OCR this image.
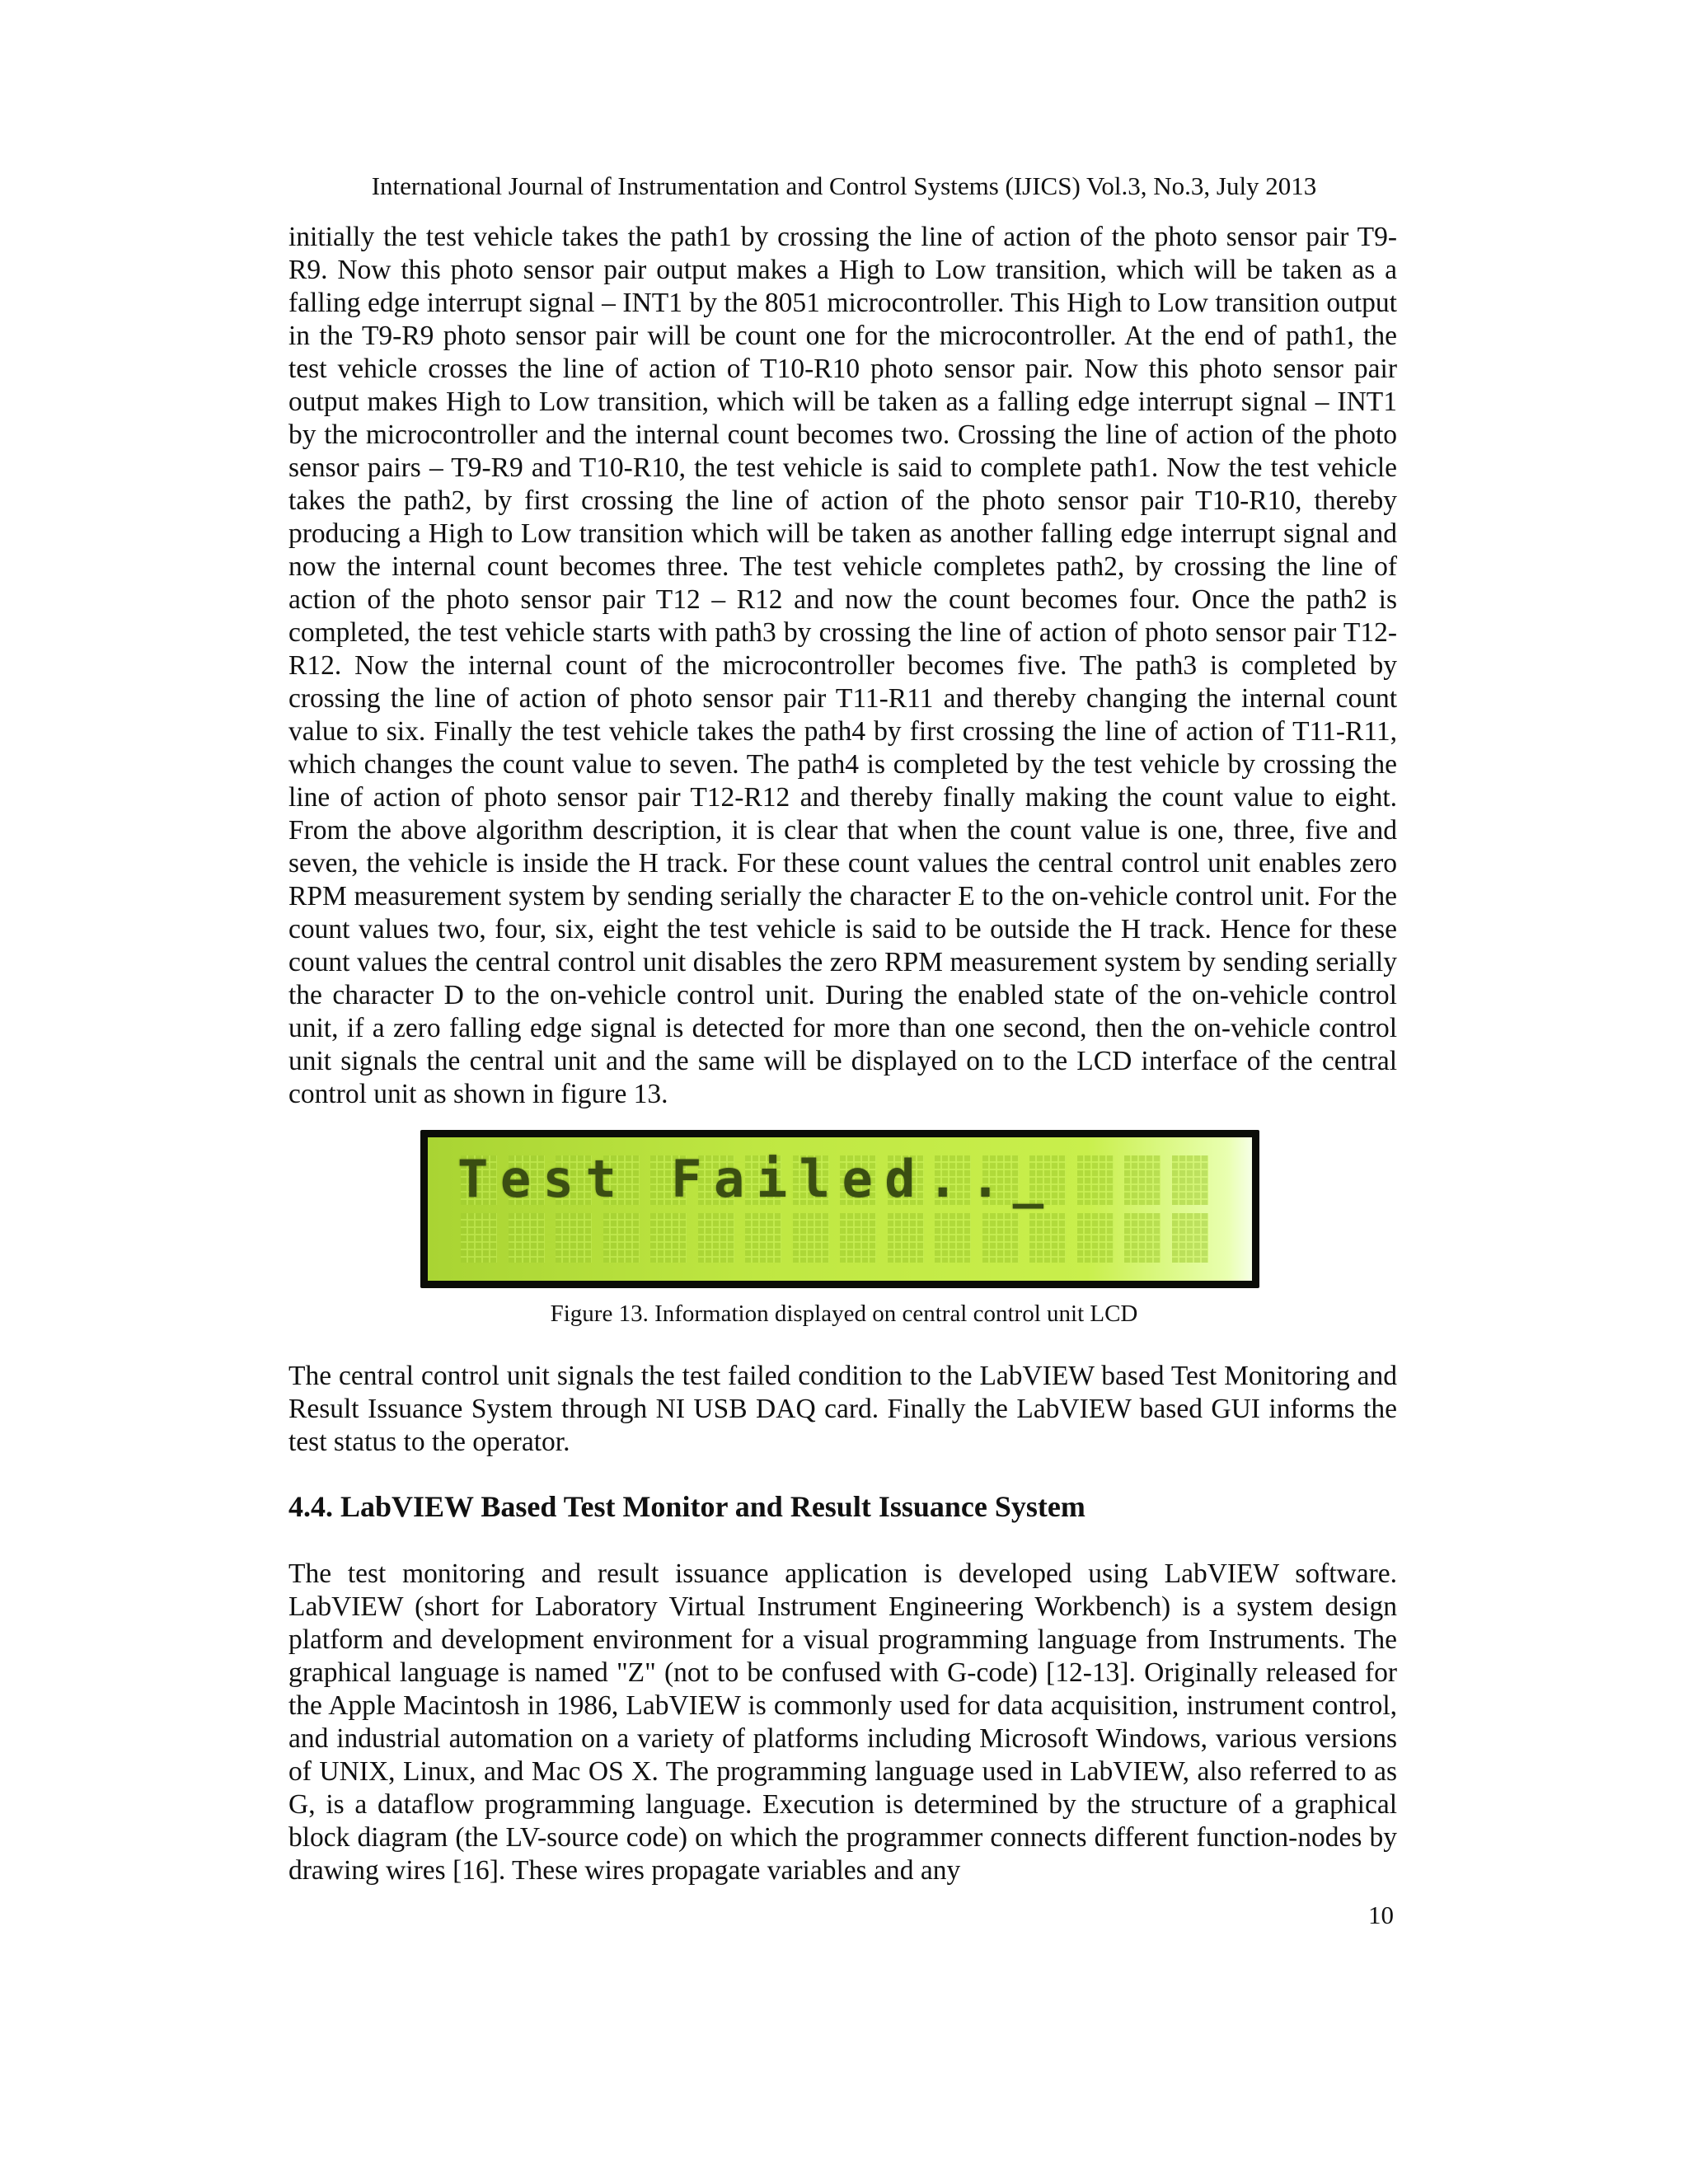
International Journal of Instrumentation and Control Systems (IJICS) Vol.3, No.3, July 2013

initially the test vehicle takes the path1 by crossing the line of action of the photo sensor pair T9-R9. Now this photo sensor pair output makes a High to Low transition, which will be taken as a falling edge interrupt signal – INT1 by the 8051 microcontroller. This High to Low transition output in the T9-R9 photo sensor pair will be count one for the microcontroller. At the end of path1, the test vehicle crosses the line of action of T10-R10 photo sensor pair. Now this photo sensor pair output makes High to Low transition, which will be taken as a falling edge interrupt signal – INT1 by the microcontroller and the internal count becomes two. Crossing the line of action of the photo sensor pairs – T9-R9 and T10-R10, the test vehicle is said to complete path1. Now the test vehicle takes the path2, by first crossing the line of action of the photo sensor pair T10-R10, thereby producing a High to Low transition which will be taken as another falling edge interrupt signal and now the internal count becomes three. The test vehicle completes path2, by crossing the line of action of the photo sensor pair T12 – R12 and now the count becomes four. Once the path2 is completed, the test vehicle starts with path3 by crossing the line of action of photo sensor pair T12-R12. Now the internal count of the microcontroller becomes five. The path3 is completed by crossing the line of action of photo sensor pair T11-R11 and thereby changing the internal count value to six. Finally the test vehicle takes the path4 by first crossing the line of action of T11-R11, which changes the count value to seven. The path4 is completed by the test vehicle by crossing the line of action of photo sensor pair T12-R12 and thereby finally making the count value to eight. From the above algorithm description, it is clear that when the count value is one, three, five and seven, the vehicle is inside the H track. For these count values the central control unit enables zero RPM measurement system by sending serially the character E to the on-vehicle control unit. For the count values two, four, six, eight the test vehicle is said to be outside the H track. Hence for these count values the central control unit disables the zero RPM measurement system by sending serially the character D to the on-vehicle control unit. During the enabled state of the on-vehicle control unit, if a zero falling edge signal is detected for more than one second, then the on-vehicle control unit signals the central unit and the same will be displayed on to the LCD interface of the central control unit as shown in figure 13.

Test Failed.._
Figure 13. Information displayed on central control unit LCD

The central control unit signals the test failed condition to the LabVIEW based Test Monitoring and Result Issuance System through NI USB DAQ card. Finally the LabVIEW based GUI informs the test status to the operator.

4.4. LabVIEW Based Test Monitor and Result Issuance System

The test monitoring and result issuance application is developed using LabVIEW software. LabVIEW (short for Laboratory Virtual Instrument Engineering Workbench) is a system design platform and development environment for a visual programming language from Instruments. The graphical language is named "Z" (not to be confused with G-code) [12-13]. Originally released for the Apple Macintosh in 1986, LabVIEW is commonly used for data acquisition, instrument control, and industrial automation on a variety of platforms including Microsoft Windows, various versions of UNIX, Linux, and Mac OS X. The programming language used in LabVIEW, also referred to as G, is a dataflow programming language. Execution is determined by the structure of a graphical block diagram (the LV-source code) on which the programmer connects different function-nodes by drawing wires [16]. These wires propagate variables and any

10
